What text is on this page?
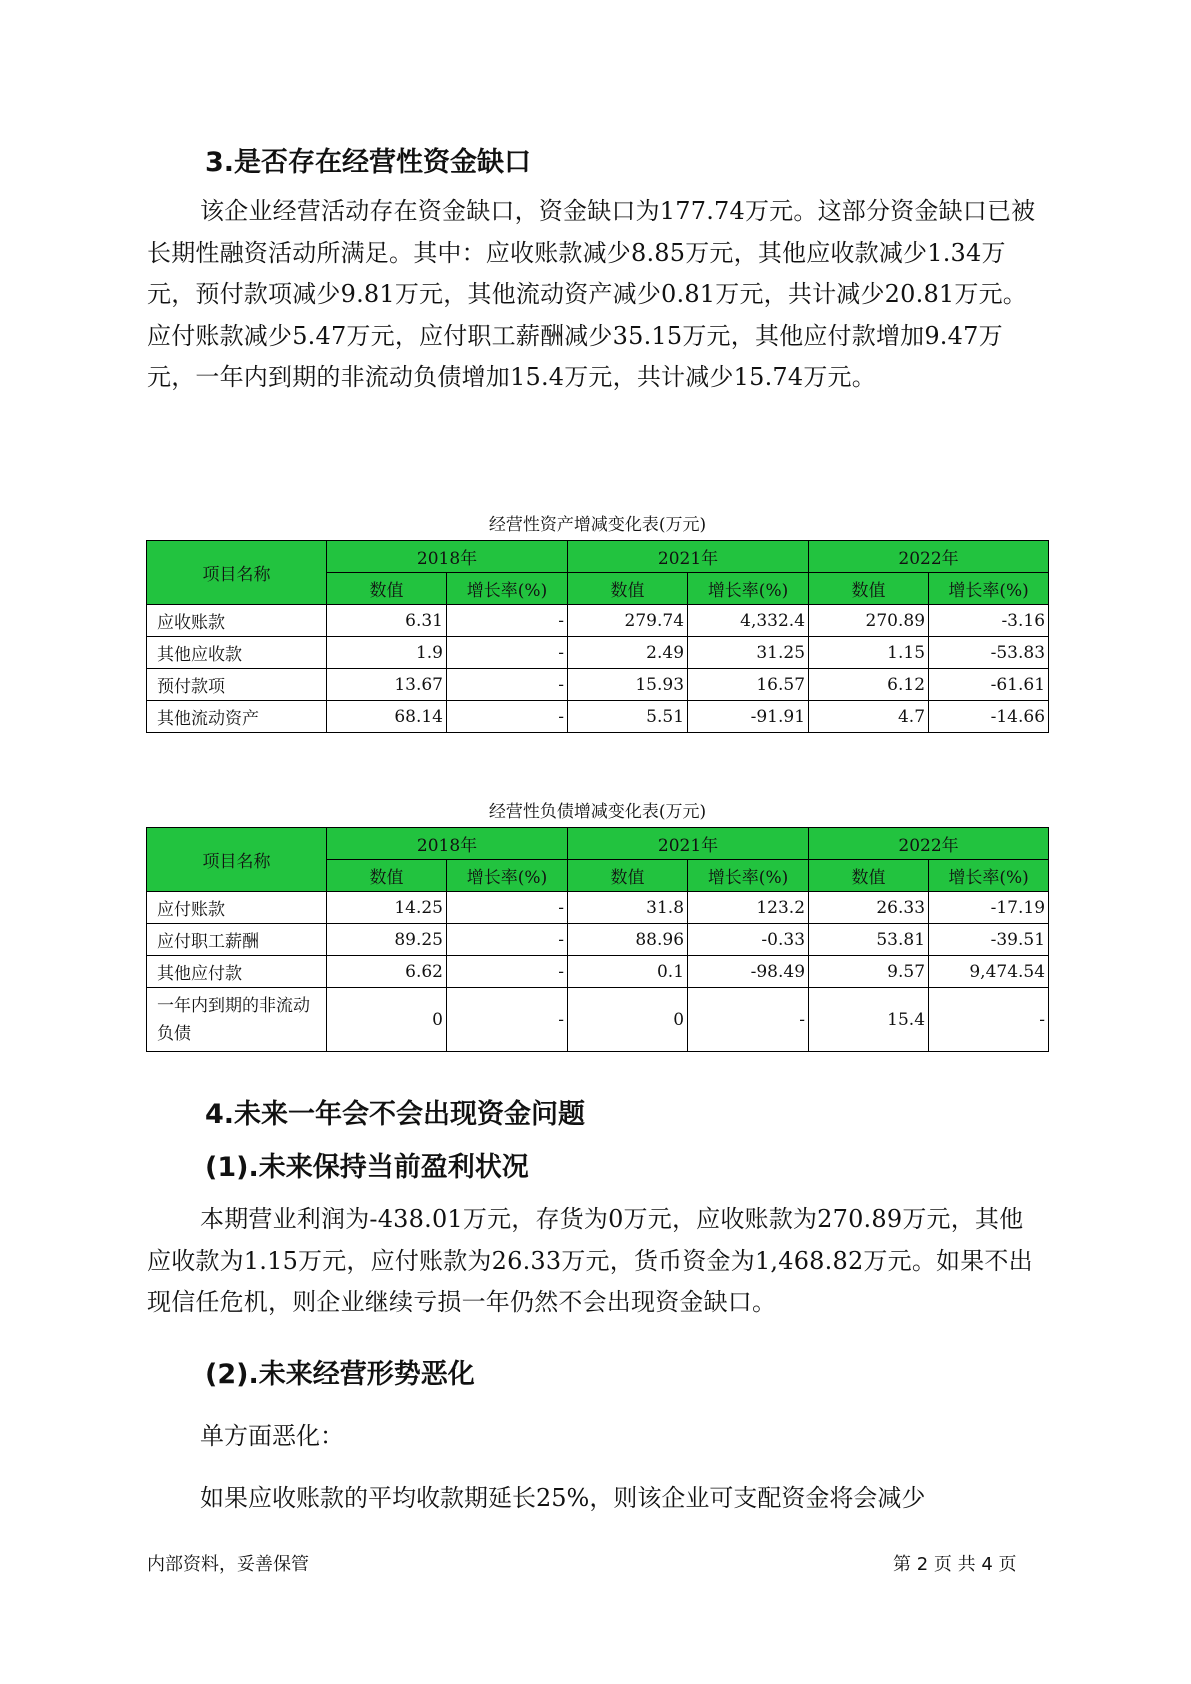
3.是否存在经营性资金缺口

该企业经营活动存在资金缺口，资金缺口为177.74万元。这部分资金缺口已被长期性融资活动所满足。其中：应收账款减少8.85万元，其他应收款减少1.34万元，预付款项减少9.81万元，其他流动资产减少0.81万元，共计减少20.81万元。应付账款减少5.47万元，应付职工薪酬减少35.15万元，其他应付款增加9.47万元，一年内到期的非流动负债增加15.4万元，共计减少15.74万元。

经营性资产增减变化表(万元)

项目名称	2018年		2021年		2022年	
	数值	增长率(%)	数值	增长率(%)	数值	增长率(%)
应收账款	6.31	-	279.74	4,332.4	270.89	-3.16
其他应收款	1.9	-	2.49	31.25	1.15	-53.83
预付款项	13.67	-	15.93	16.57	6.12	-61.61
其他流动资产	68.14	-	5.51	-91.91	4.7	-14.66

经营性负债增减变化表(万元)

项目名称	2018年		2021年		2022年	
	数值	增长率(%)	数值	增长率(%)	数值	增长率(%)
应付账款	14.25	-	31.8	123.2	26.33	-17.19
应付职工薪酬	89.25	-	88.96	-0.33	53.81	-39.51
其他应付款	6.62	-	0.1	-98.49	9.57	9,474.54
一年内到期的非流动负债	0	-	0	-	15.4	-
4.未来一年会不会出现资金问题
(1).未来保持当前盈利状况

本期营业利润为-438.01万元，存货为0万元，应收账款为270.89万元，其他应收款为1.15万元，应付账款为26.33万元，货币资金为1,468.82万元。如果不出现信任危机，则企业继续亏损一年仍然不会出现资金缺口。

(2).未来经营形势恶化

单方面恶化：

如果应收账款的平均收款期延长25%，则该企业可支配资金将会减少

内部资料，妥善保管	第 2 页 共 4 页
